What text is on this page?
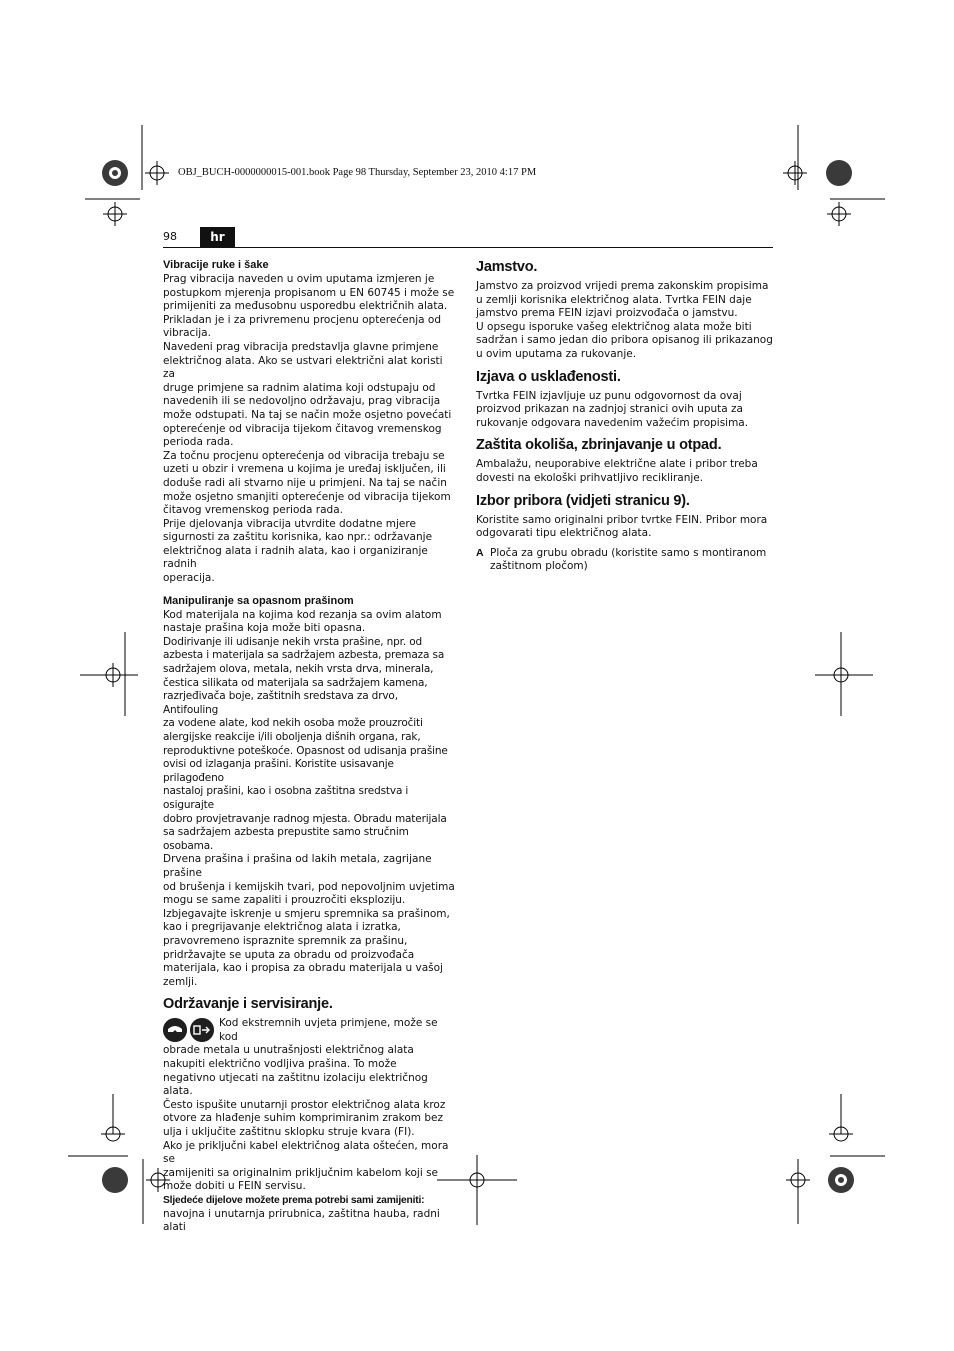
OBJ_BUCH-0000000015-001.book Page 98 Thursday, September 23, 2010 4:17 PM
98	hr
Vibracije ruke i šake

Prag vibracija naveden u ovim uputama izmjeren je
postupkom mjerenja propisanom u EN 60745 i može se
primijeniti za međusobnu usporedbu električnih alata.
Prikladan je i za privremenu procjenu opterećenja od
vibracija.

Navedeni prag vibracija predstavlja glavne primjene
električnog alata. Ako se ustvari električni alat koristi za
druge primjene sa radnim alatima koji odstupaju od
navedenih ili se nedovoljno održavaju, prag vibracija
može odstupati. Na taj se način može osjetno povećati
opterećenje od vibracija tijekom čitavog vremenskog
perioda rada.

Za točnu procjenu opterećenja od vibracija trebaju se
uzeti u obzir i vremena u kojima je uređaj isključen, ili
doduše radi ali stvarno nije u primjeni. Na taj se način
može osjetno smanjiti opterećenje od vibracija tijekom
čitavog vremenskog perioda rada.

Prije djelovanja vibracija utvrdite dodatne mjere
sigurnosti za zaštitu korisnika, kao npr.: održavanje
električnog alata i radnih alata, kao i organiziranje radnih
operacija.

Manipuliranje sa opasnom prašinom

Kod materijala na kojima kod rezanja sa ovim alatom
nastaje prašina koja može biti opasna.

Dodirivanje ili udisanje nekih vrsta prašine, npr. od
azbesta i materijala sa sadržajem azbesta, premaza sa
sadržajem olova, metala, nekih vrsta drva, minerala,
čestica silikata od materijala sa sadržajem kamena,
razrjeđivača boje, zaštitnih sredstava za drvo, Antifouling
za vodene alate, kod nekih osoba može prouzročiti
alergijske reakcije i/ili oboljenja dišnih organa, rak,
reproduktivne poteškoće. Opasnost od udisanja prašine
ovisi od izlaganja prašini. Koristite usisavanje prilagođeno
nastaloj prašini, kao i osobna zaštitna sredstva i osigurajte
dobro provjetravanje radnog mjesta. Obradu materijala
sa sadržajem azbesta prepustite samo stručnim osobama.

Drvena prašina i prašina od lakih metala, zagrijane prašine
od brušenja i kemijskih tvari, pod nepovoljnim uvjetima
mogu se same zapaliti i prouzročiti eksploziju.

Izbjegavajte iskrenje u smjeru spremnika sa prašinom,
kao i pregrijavanje električnog alata i izratka,
pravovremeno ispraznite spremnik za prašinu,
pridržavajte se uputa za obradu od proizvođača
materijala, kao i propisa za obradu materijala u vašoj
zemlji.

Održavanje i servisiranje.

Kod ekstremnih uvjeta primjene, može se kod
obrade metala u unutrašnjosti električnog alata
nakupiti električno vodljiva prašina. To može
negativno utjecati na zaštitnu izolaciju električnog alata.
Često ispušite unutarnji prostor električnog alata kroz
otvore za hlađenje suhim komprimiranim zrakom bez
ulja i uključite zaštitnu sklopku struje kvara (FI).

Ako je priključni kabel električnog alata oštećen, mora se
zamijeniti sa originalnim priključnim kabelom koji se
može dobiti u FEIN servisu.

Sljedeće dijelove možete prema potrebi sami zamijeniti:

navojna i unutarnja prirubnica, zaštitna hauba, radni alati

Jamstvo.

Jamstvo za proizvod vrijedi prema zakonskim propisima
u zemlji korisnika električnog alata. Tvrtka FEIN daje
jamstvo prema FEIN izjavi proizvođača o jamstvu.

U opsegu isporuke vašeg električnog alata može biti
sadržan i samo jedan dio pribora opisanog ili prikazanog
u ovim uputama za rukovanje.

Izjava o usklađenosti.

Tvrtka FEIN izjavljuje uz punu odgovornost da ovaj
proizvod prikazan na zadnjoj stranici ovih uputa za
rukovanje odgovara navedenim važećim propisima.

Zaštita okoliša, zbrinjavanje u otpad.

Ambalažu, neuporabive električne alate i pribor treba
dovesti na ekološki prihvatljivo recikliranje.

Izbor pribora (vidjeti stranicu 9).

Koristite samo originalni pribor tvrtke FEIN. Pribor mora
odgovarati tipu električnog alata.

A Ploča za grubu obradu (koristite samo s montiranom
zaštitnom pločom)
